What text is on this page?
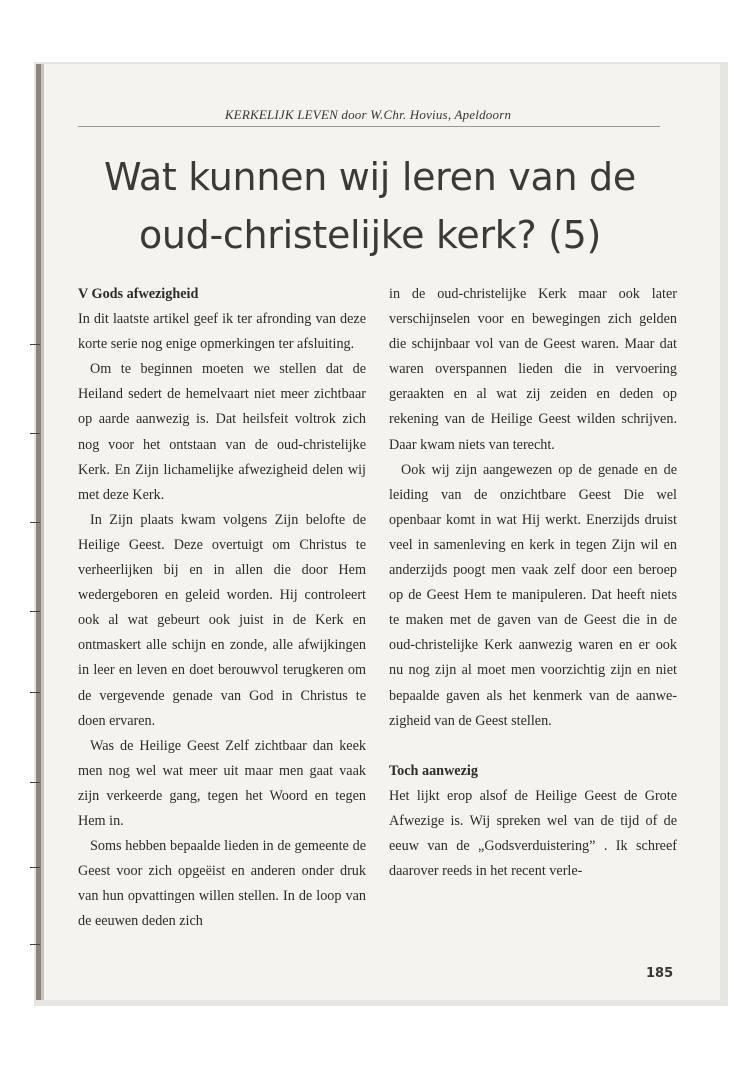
KERKELIJK LEVEN door W.Chr. Hovius, Apeldoorn
Wat kunnen wij leren van de
oud-christelijke kerk? (5)
V Gods afwezigheid

In dit laatste artikel geef ik ter afronding van deze korte serie nog enige opmerkingen ter afsluiting.

Om te beginnen moeten we stellen dat de Heiland sedert de hemelvaart niet meer zichtbaar op aarde aanwezig is. Dat heilsfeit voltrok zich nog voor het ontstaan van de oud-christelijke Kerk. En Zijn lichamelijke afwezigheid delen wij met deze Kerk.

In Zijn plaats kwam volgens Zijn belofte de Heilige Geest. Deze overtuigt om Christus te verheerlijken bij en in allen die door Hem wedergeboren en geleid worden. Hij controleert ook al wat gebeurt ook juist in de Kerk en ontmaskert alle schijn en zonde, alle afwijkingen in leer en leven en doet berouwvol terugkeren om de vergevende genade van God in Christus te doen ervaren.

Was de Heilige Geest Zelf zichtbaar dan keek men nog wel wat meer uit maar men gaat vaak zijn verkeerde gang, tegen het Woord en tegen Hem in.

Soms hebben bepaalde lieden in de gemeente de Geest voor zich opgeëist en anderen onder druk van hun opvattingen willen stellen. In de loop van de eeuwen deden zich

in de oud-christelijke Kerk maar ook later verschijnselen voor en bewegingen zich gelden die schijnbaar vol van de Geest waren. Maar dat waren overspannen lieden die in vervoering geraakten en al wat zij zeiden en deden op rekening van de Heilige Geest wilden schrijven. Daar kwam niets van terecht.

Ook wij zijn aangewezen op de genade en de leiding van de onzichtbare Geest Die wel openbaar komt in wat Hij werkt. Enerzijds druist veel in samenleving en kerk in tegen Zijn wil en anderzijds poogt men vaak zelf door een beroep op de Geest Hem te manipuleren. Dat heeft niets te maken met de gaven van de Geest die in de oud-christelijke Kerk aanwezig waren en er ook nu nog zijn al moet men voorzichtig zijn en niet bepaalde gaven als het kenmerk van de aanwezigheid van de Geest stellen.

Toch aanwezig

Het lijkt erop alsof de Heilige Geest de Grote Afwezige is. Wij spreken wel van de tijd of de eeuw van de „Godsverduistering” . Ik schreef daarover reeds in het recent verle-

185
